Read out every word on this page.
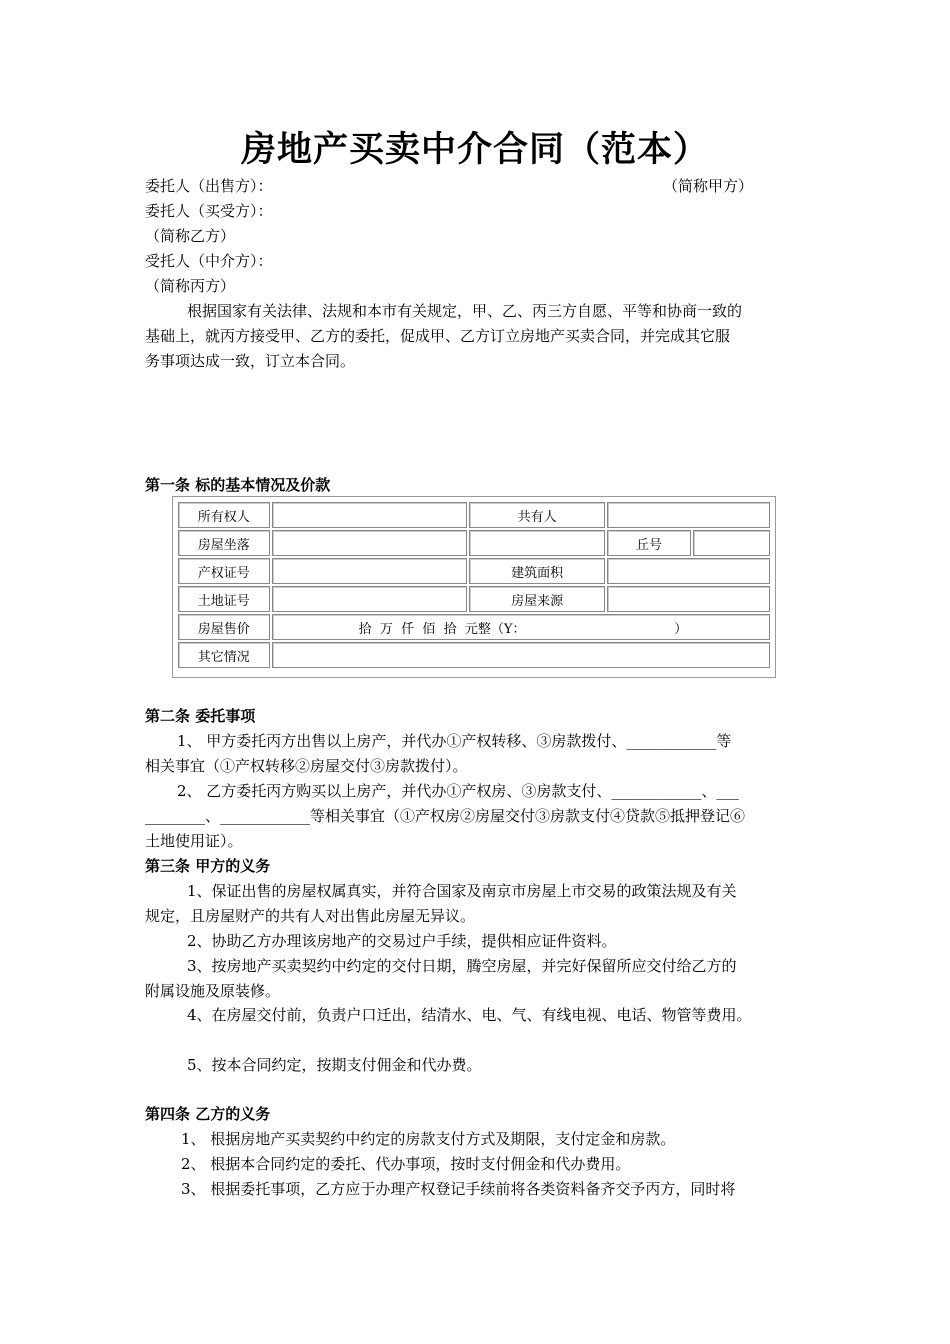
房地产买卖中介合同（范本）
委托人（出售方）：	（简称甲方）
委托人（买受方）：
（简称乙方）
受托人（中介方）：
（简称丙方）
根据国家有关法律、法规和本市有关规定，甲、乙、丙三方自愿、平等和协商一致的
基础上，就丙方接受甲、乙方的委托，促成甲、乙方订立房地产买卖合同，并完成其它服
务事项达成一致，订立本合同。
第一条 标的基本情况及价款
所有权人		共有人		
房屋坐落			丘号	
产权证号		建筑面积		
土地证号		房屋来源		
房屋售价	拾  万  仟  佰  拾  元整（Y：                                    ）			
其它情况				
第二条 委托事项
1、 甲方委托丙方出售以上房产，并代办①产权转移、③房款拨付、____________等
相关事宜（①产权转移②房屋交付③房款拨付）。
2、 乙方委托丙方购买以上房产，并代办①产权房、③房款支付、____________、___
________、____________等相关事宜（①产权房②房屋交付③房款支付④贷款⑤抵押登记⑥
土地使用证）。
第三条 甲方的义务
1、保证出售的房屋权属真实，并符合国家及南京市房屋上市交易的政策法规及有关
规定，且房屋财产的共有人对出售此房屋无异议。
2、协助乙方办理该房地产的交易过户手续，提供相应证件资料。
3、按房地产买卖契约中约定的交付日期，腾空房屋，并完好保留所应交付给乙方的
附属设施及原装修。
4、在房屋交付前，负责户口迁出，结清水、电、气、有线电视、电话、物管等费用。
5、按本合同约定，按期支付佣金和代办费。
第四条 乙方的义务
1、 根据房地产买卖契约中约定的房款支付方式及期限，支付定金和房款。
2、 根据本合同约定的委托、代办事项，按时支付佣金和代办费用。
3、 根据委托事项，乙方应于办理产权登记手续前将各类资料备齐交予丙方，同时将
